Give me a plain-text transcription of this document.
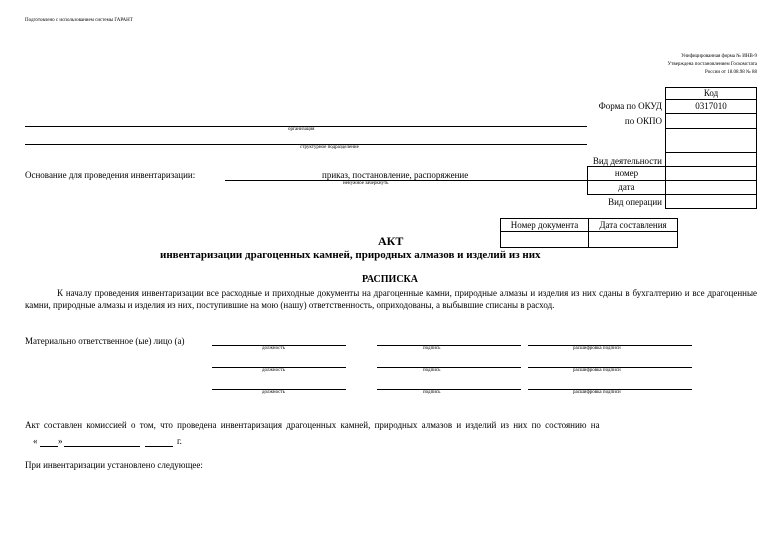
Подготовлено с использованием системы ГАРАНТ
Унифицированная форма № ИНВ-9
Утверждена постановлением Госкомстата
России от 18.08.98 № 88
Код
Форма по ОКУД	0317010
по ОКПО
Вид деятельности
номер
дата
Вид операции
организация
структурное подразделение
Основание для проведения инвентаризации:	приказ, постановление, распоряжение
ненужное зачеркнуть
Номер документа	Дата составления
АКТ
инвентаризации драгоценных камней, природных алмазов и изделий из них
РАСПИСКА
К началу проведения инвентаризации все расходные и приходные документы на драгоценные камни, природные алмазы и изделия из них сданы в бухгалтерию и все драгоценные камни, природные алмазы и изделия из них, поступившие на мою (нашу) ответственность, оприходованы, а выбывшие списаны в расход.
Материально ответственное (ые) лицо (а)
должность	подпись	расшифровка подписи
должность	подпись	расшифровка подписи
должность	подпись	расшифровка подписи
Акт составлен комиссией о том, что проведена инвентаризация драгоценных камней, природных алмазов и изделий из них по состоянию на
« »	г.
При инвентаризации установлено следующее:
